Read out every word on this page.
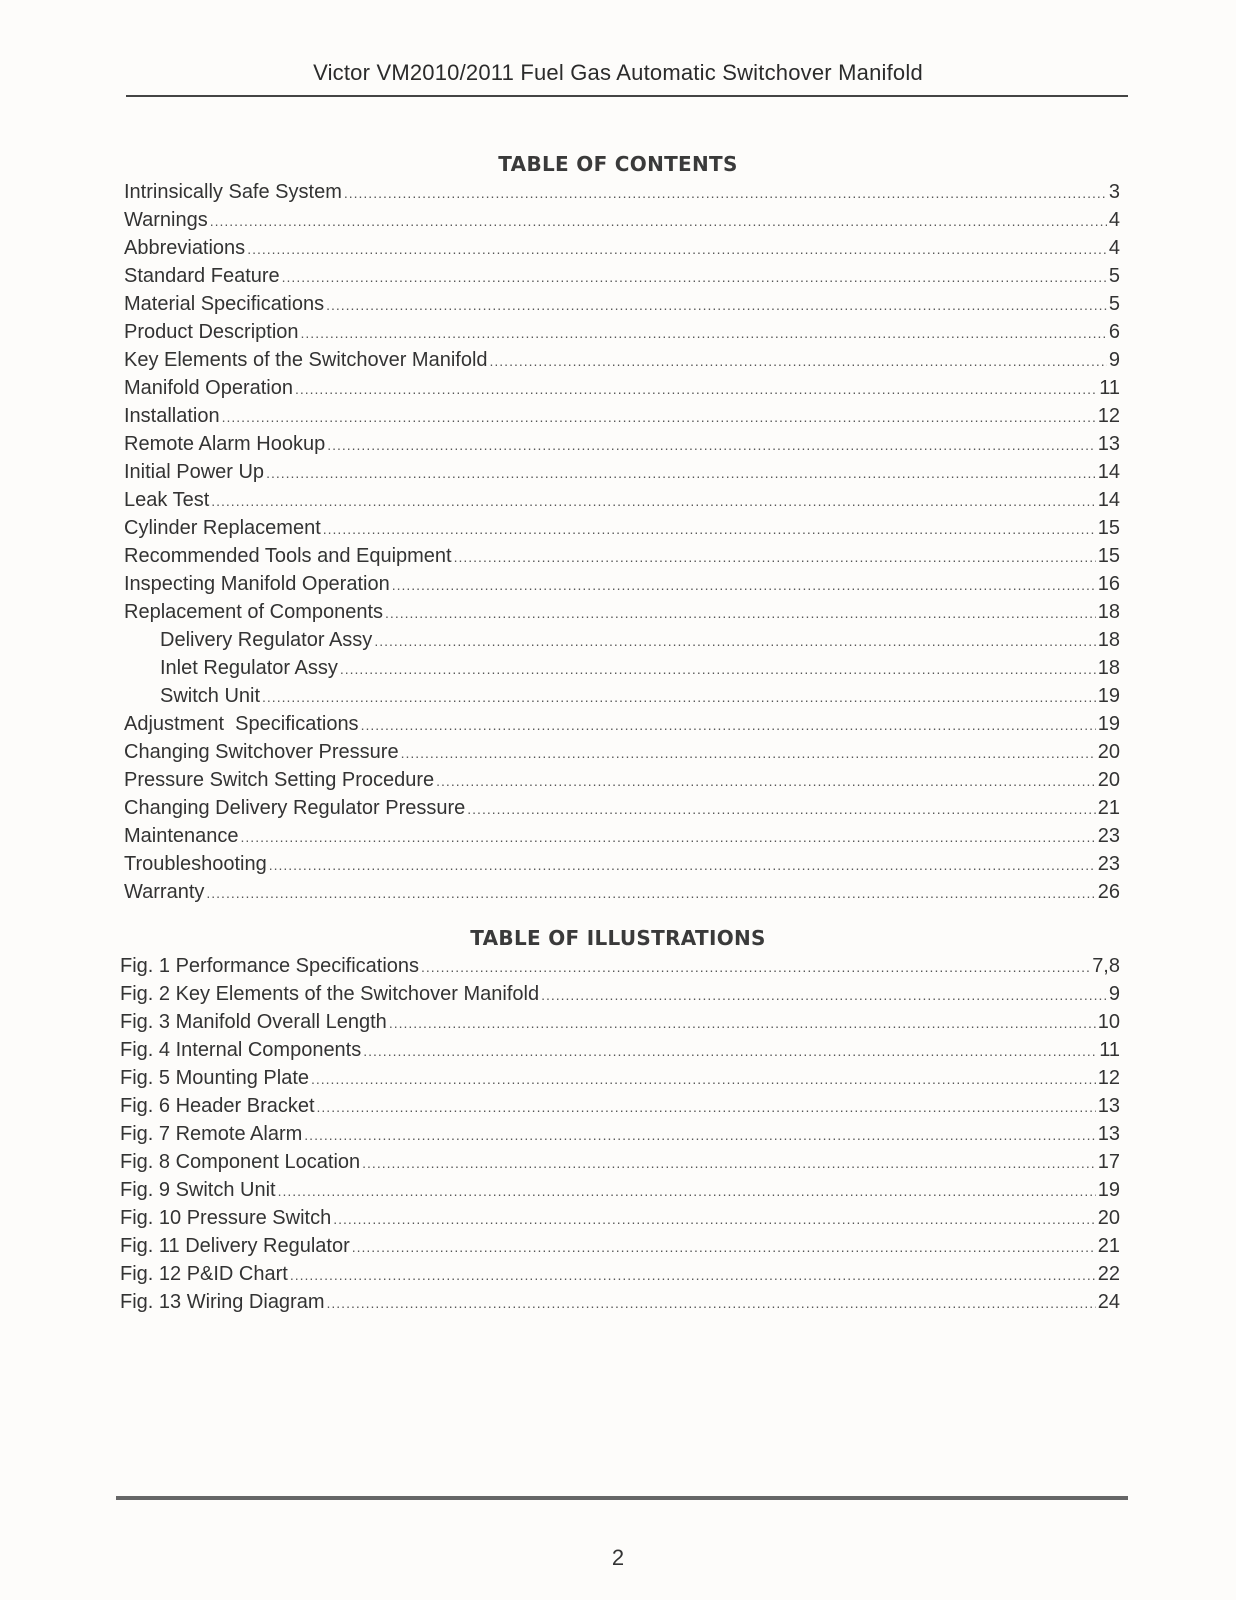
Victor VM2010/2011 Fuel Gas Automatic Switchover Manifold
TABLE OF CONTENTS
Intrinsically Safe System .....	3
Warnings .....	4
Abbreviations .....	4
Standard Feature .....	5
Material Specifications .....	5
Product Description .....	6
Key Elements of the Switchover Manifold .....	9
Manifold Operation .....	11
Installation .....	12
Remote Alarm Hookup .....	13
Initial Power Up .....	14
Leak Test .....	14
Cylinder Replacement .....	15
Recommended Tools and Equipment .....	15
Inspecting Manifold Operation .....	16
Replacement of Components .....	18
Delivery Regulator Assy .....	18
Inlet Regulator Assy .....	18
Switch Unit .....	19
Adjustment  Specifications .....	19
Changing Switchover Pressure .....	20
Pressure Switch Setting Procedure .....	20
Changing Delivery Regulator Pressure .....	21
Maintenance .....	23
Troubleshooting .....	23
Warranty .....	26
TABLE OF ILLUSTRATIONS
Fig. 1 Performance Specifications .....	7,8
Fig. 2 Key Elements of the Switchover Manifold .....	9
Fig. 3 Manifold Overall Length .....	10
Fig. 4 Internal Components .....	11
Fig. 5 Mounting Plate .....	12
Fig. 6 Header Bracket .....	13
Fig. 7 Remote Alarm .....	13
Fig. 8 Component Location .....	17
Fig. 9 Switch Unit .....	19
Fig. 10 Pressure Switch .....	20
Fig. 11 Delivery Regulator .....	21
Fig. 12 P&ID Chart .....	22
Fig. 13 Wiring Diagram .....	24
2
